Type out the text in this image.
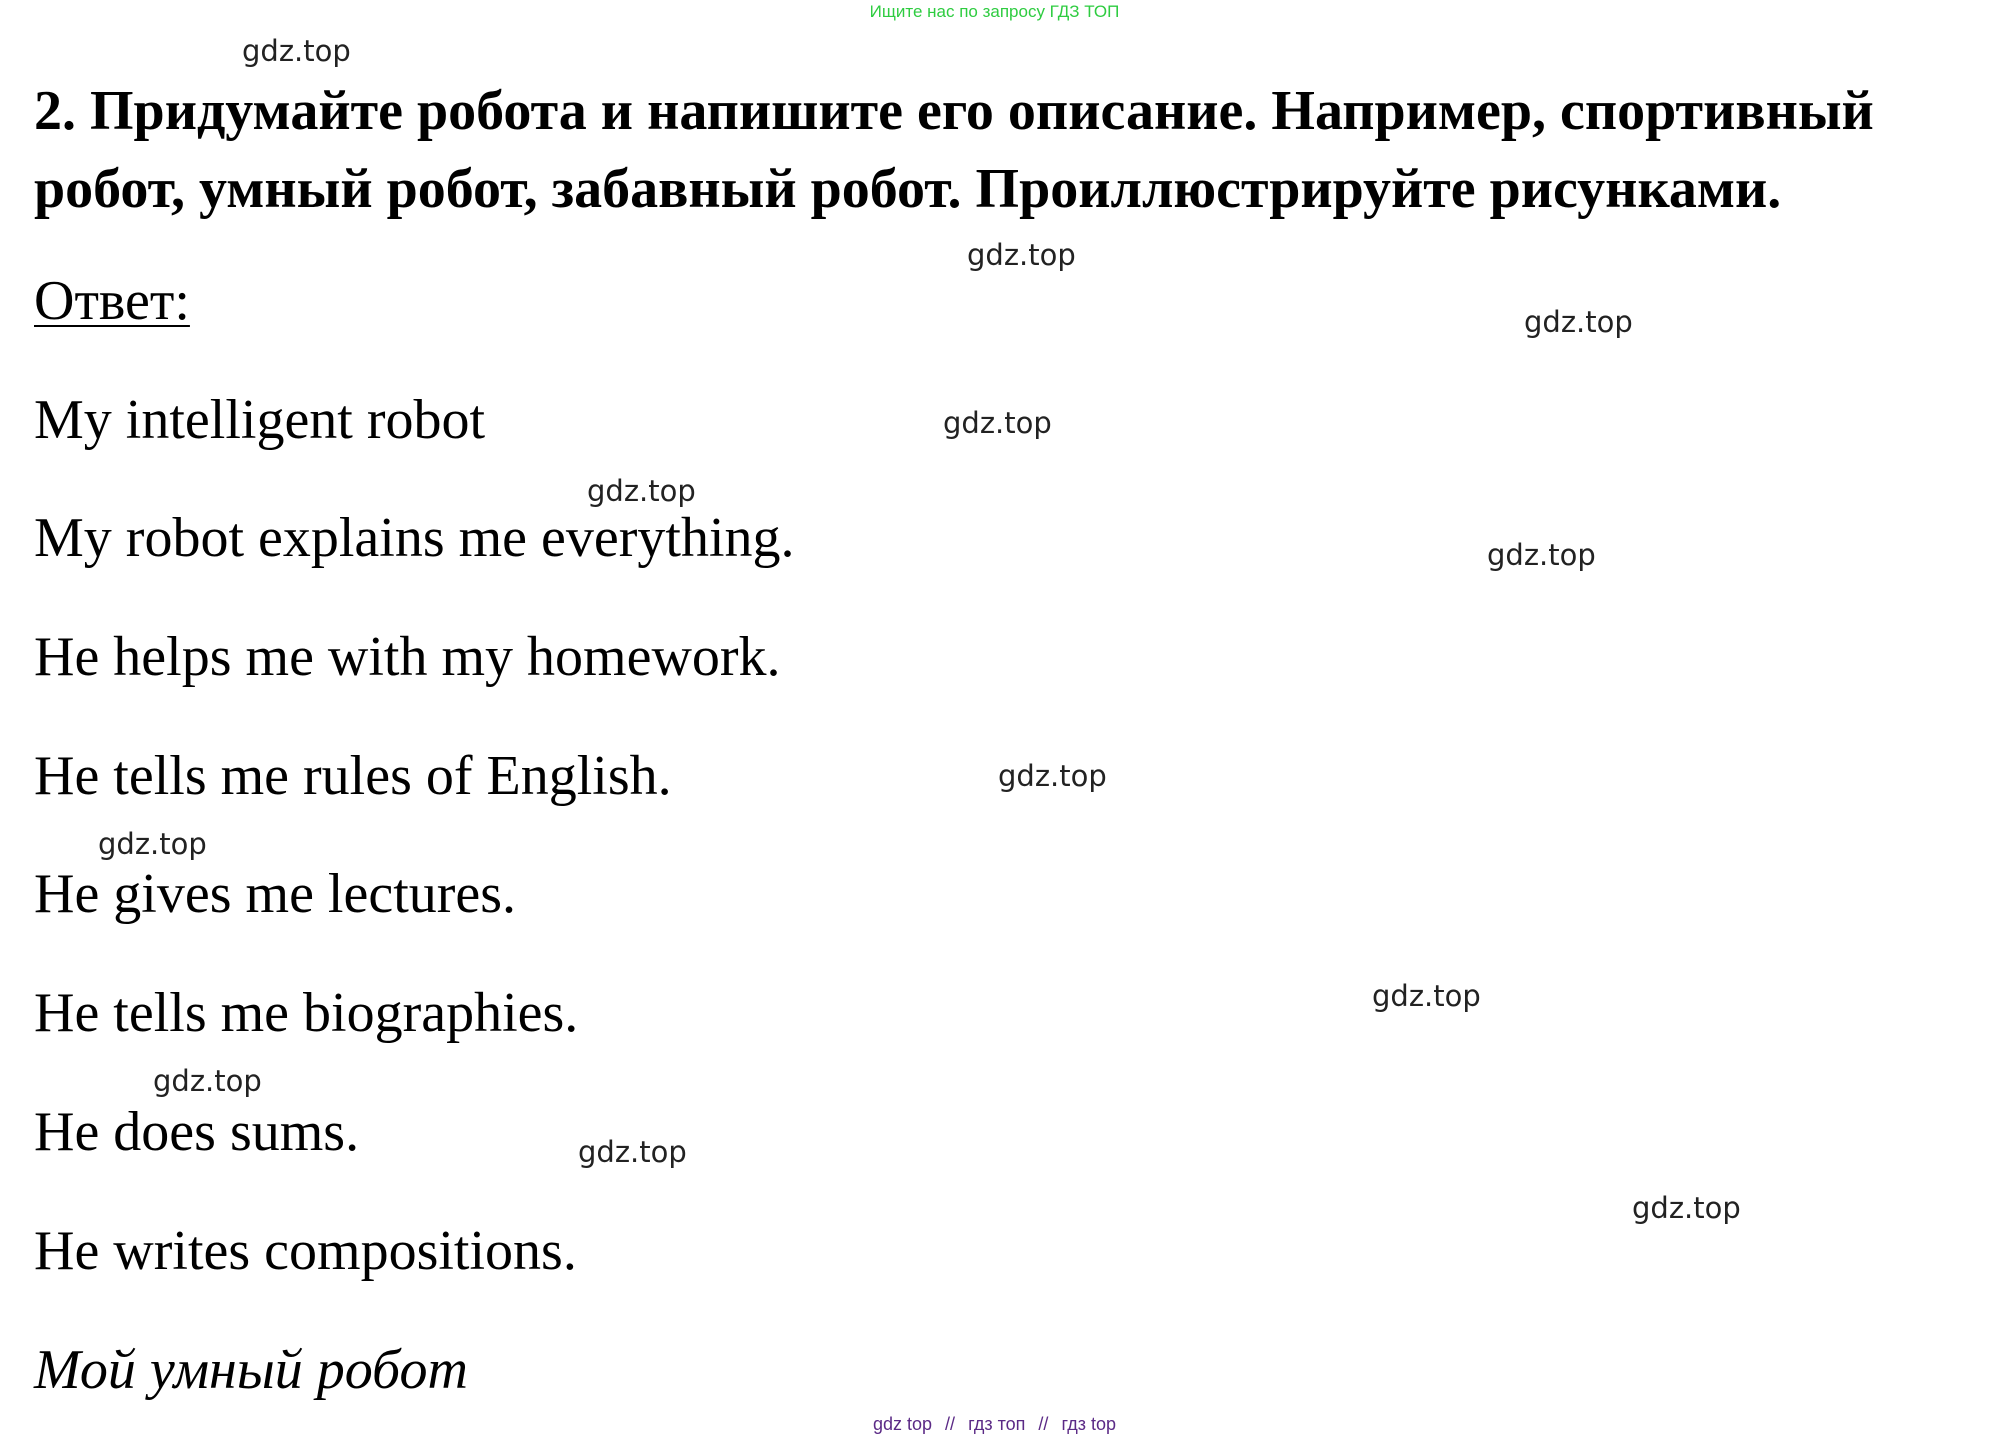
Ищите нас по запросу ГДЗ ТОП
2. Придумайте робота и напишите его описание. Например, спортивный
робот, умный робот, забавный робот. Проиллюстрируйте рисунками.
Ответ:
My intelligent robot
My robot explains me everything.
He helps me with my homework.
He tells me rules of English.
He gives me lectures.
He tells me biographies.
He does sums.
He writes compositions.
Мой умный робот
gdz.top
gdz.top
gdz.top
gdz.top
gdz.top
gdz.top
gdz.top
gdz.top
gdz.top
gdz.top
gdz.top
gdz.top
gdz top // гдз топ // гдз top
